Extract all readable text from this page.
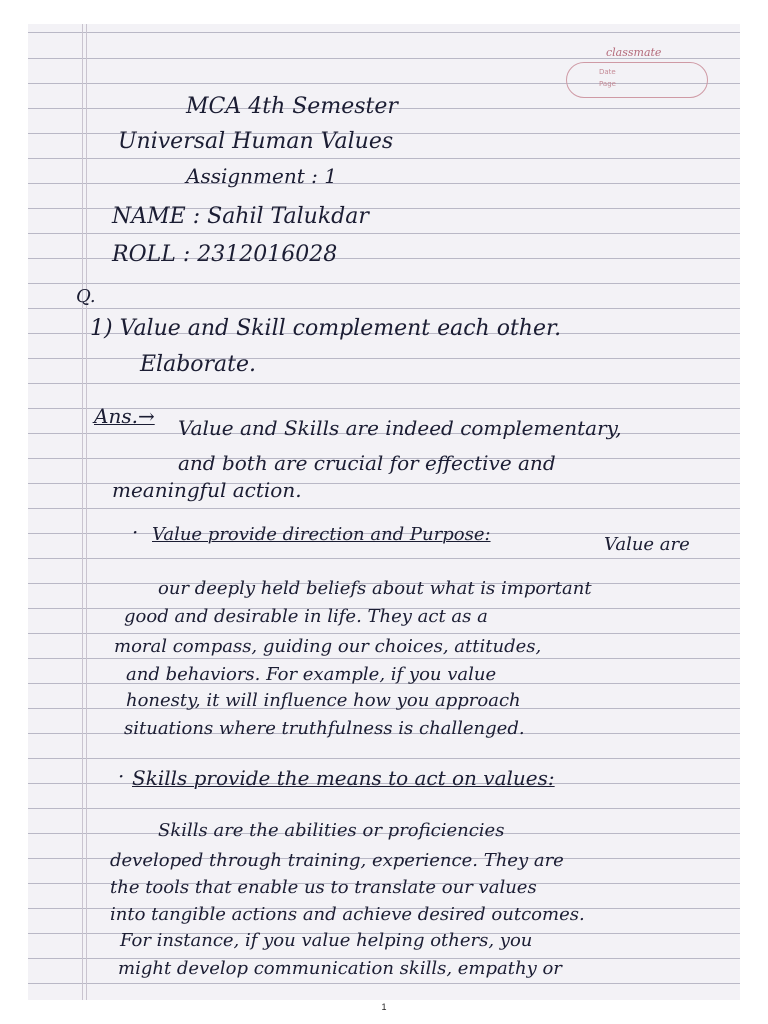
classmate
Date
Page
MCA 4th Semester
Universal Human Values
Assignment : 1
NAME : Sahil Talukdar
ROLL : 2312016028
Q.
1) Value and Skill complement each other.
Elaborate.
Ans.→ Value and Skills are indeed complementary,
and both are crucial for effective and
meaningful action.
· Value provide direction and Purpose:	Value are
our deeply held beliefs about what is important
good and desirable in life. They act as a
moral compass, guiding our choices, attitudes,
and behaviors. For example, if you value
honesty, it will influence how you approach
situations where truthfulness is challenged.
· Skills provide the means to act on values:
Skills are the abilities or proficiencies
developed through training, experience. They are
the tools that enable us to translate our values
into tangible actions and achieve desired outcomes.
For instance, if you value helping others, you
might develop communication skills, empathy or
1
